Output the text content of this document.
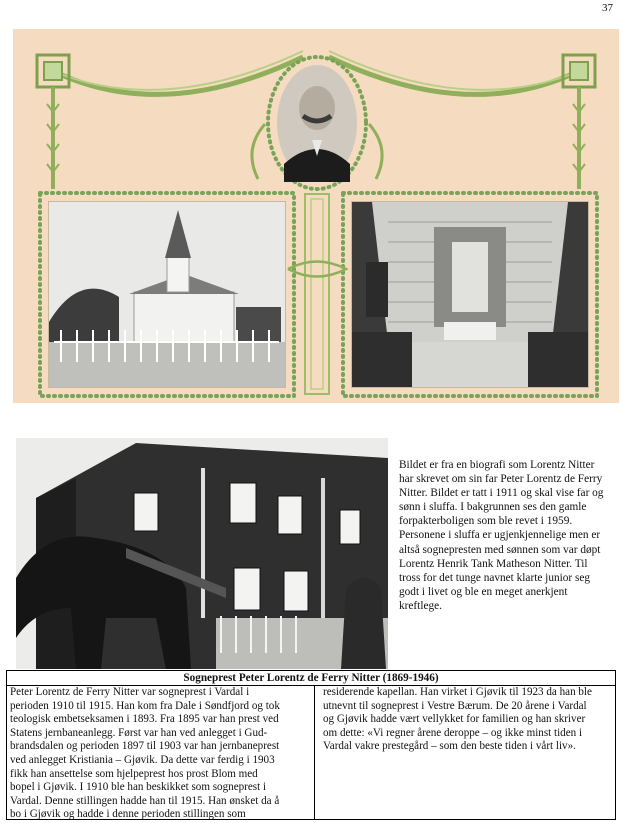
37
Bildet er fra en biografi som Lorentz Nitter
har skrevet om sin far Peter Lorentz de Ferry
Nitter. Bildet er tatt i 1911 og skal vise far og
sønn i sluffa. I bakgrunnen ses den gamle
forpakterboligen som ble revet i 1959.
Personene i sluffa er ugjenkjennelige men er
altså sognepresten med sønnen som var døpt
Lorentz Henrik Tank Matheson Nitter. Til
tross for det tunge navnet klarte junior seg
godt i livet og ble en meget anerkjent
kreftlege.
Sogneprest Peter Lorentz de Ferry Nitter (1869-1946)
Peter Lorentz de Ferry Nitter var sogneprest i Vardal i
perioden 1910 til 1915. Han kom fra Dale i Søndfjord og tok
teologisk embetseksamen i 1893. Fra 1895 var han prest ved
Statens jernbaneanlegg. Først var han ved anlegget i Gud-
brandsdalen og perioden 1897 til 1903 var han jernbaneprest
ved anlegget Kristiania – Gjøvik. Da dette var ferdig i 1903
fikk han ansettelse som hjelpeprest hos prost Blom med
bopel i Gjøvik. I 1910 ble han beskikket som sogneprest i
Vardal. Denne stillingen hadde han til 1915. Han ønsket da å
bo i Gjøvik og hadde i denne perioden stillingen som
residerende kapellan. Han virket i Gjøvik til 1923 da han ble
utnevnt til sogneprest i Vestre Bærum. De 20 årene i Vardal
og Gjøvik hadde vært vellykket for familien og han skriver
om dette: «Vi regner årene deroppe – og ikke minst tiden i
Vardal vakre prestegård – som den beste tiden i vårt liv».
